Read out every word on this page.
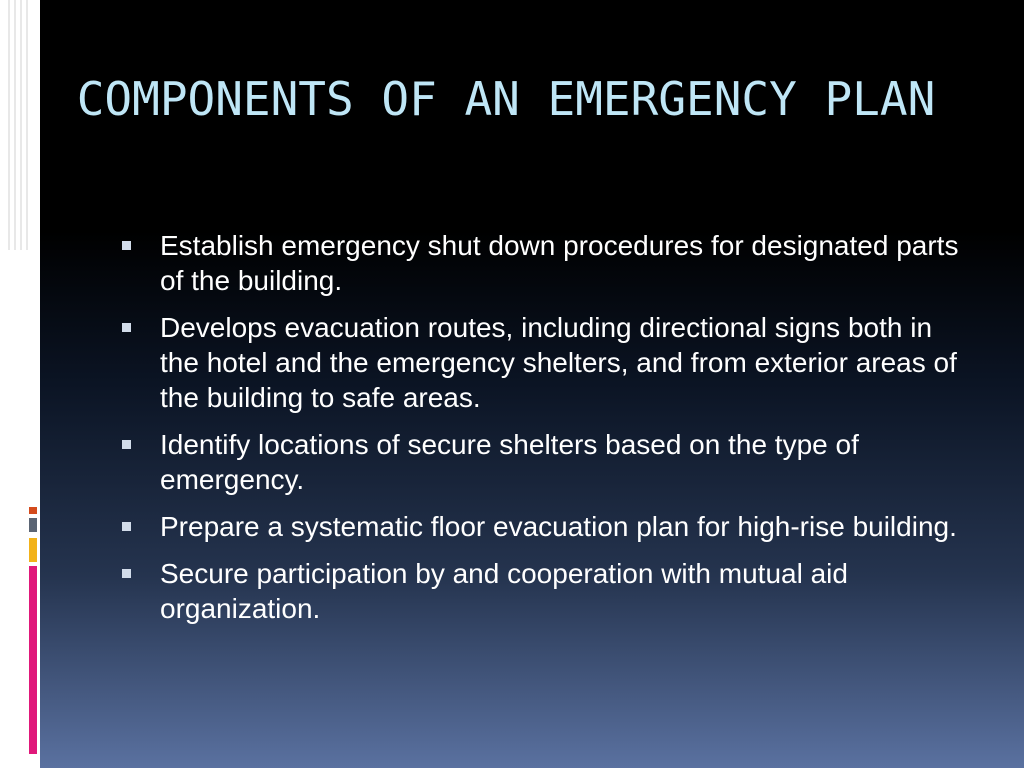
COMPONENTS OF AN EMERGENCY PLAN
Establish emergency shut down procedures for designated parts of the building.
Develops evacuation routes, including directional signs both in the hotel and the emergency shelters, and from exterior areas of the building to safe areas.
Identify locations of secure shelters based on the type of emergency.
Prepare a systematic floor evacuation plan for high-rise building.
Secure participation by and cooperation with mutual aid organization.
